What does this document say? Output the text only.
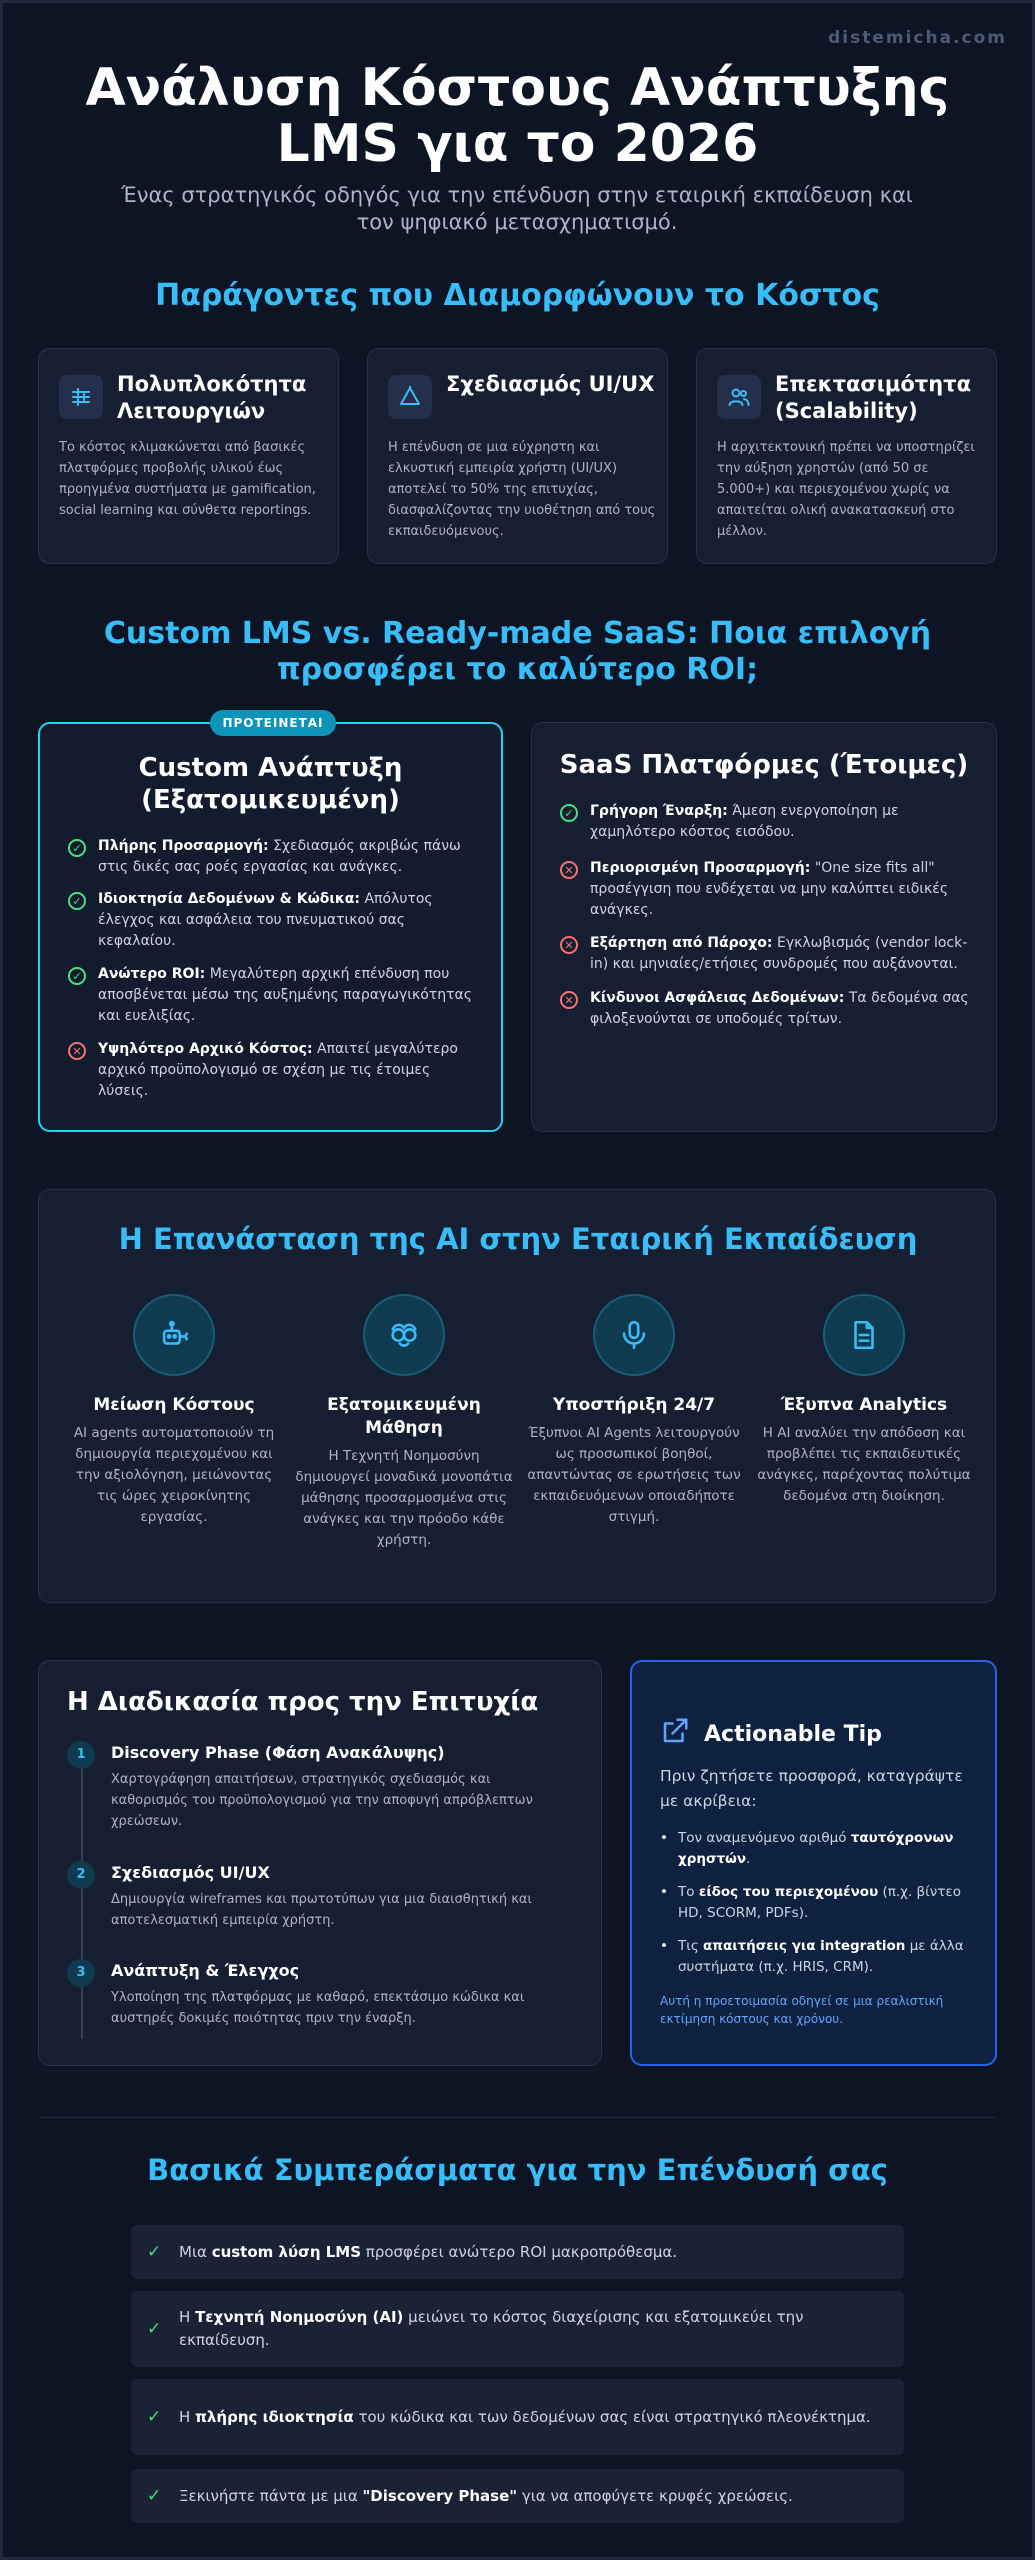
distemicha.com
Ανάλυση Κόστους Ανάπτυξης
LMS για το 2026

Ένας στρατηγικός οδηγός για την επένδυση στην εταιρική εκπαίδευση και τον ψηφιακό μετασχηματισμό.

Παράγοντες που Διαμορφώνουν το Κόστος
Πολυπλοκότητα Λειτουργιών
Το κόστος κλιμακώνεται από βασικές πλατφόρμες προβολής υλικού έως προηγμένα συστήματα με gamification, social learning και σύνθετα reportings.
Σχεδιασμός UI/UX
Η επένδυση σε μια εύχρηστη και ελκυστική εμπειρία χρήστη (UI/UX) αποτελεί το 50% της επιτυχίας, διασφαλίζοντας την υιοθέτηση από τους εκπαιδευόμενους.
Επεκτασιμότητα (Scalability)
Η αρχιτεκτονική πρέπει να υποστηρίζει την αύξηση χρηστών (από 50 σε 5.000+) και περιεχομένου χωρίς να απαιτείται ολική ανακατασκευή στο μέλλον.
Custom LMS vs. Ready-made SaaS: Ποια επιλογή
προσφέρει το καλύτερο ROI;
ΠΡΟΤΕΙΝΕΤΑΙ
Custom Ανάπτυξη
(Εξατομικευμένη)
✓	Πλήρης Προσαρμογή: Σχεδιασμός ακριβώς πάνω στις δικές σας ροές εργασίας και ανάγκες.
✓	Ιδιοκτησία Δεδομένων & Κώδικα: Απόλυτος έλεγχος και ασφάλεια του πνευματικού σας κεφαλαίου.
✓	Ανώτερο ROI: Μεγαλύτερη αρχική επένδυση που αποσβένεται μέσω της αυξημένης παραγωγικότητας και ευελιξίας.
✕	Υψηλότερο Αρχικό Κόστος: Απαιτεί μεγαλύτερο αρχικό προϋπολογισμό σε σχέση με τις έτοιμες λύσεις.
SaaS Πλατφόρμες (Έτοιμες)
✓	Γρήγορη Έναρξη: Άμεση ενεργοποίηση με χαμηλότερο κόστος εισόδου.
✕	Περιορισμένη Προσαρμογή: "One size fits all" προσέγγιση που ενδέχεται να μην καλύπτει ειδικές ανάγκες.
✕	Εξάρτηση από Πάροχο: Εγκλωβισμός (vendor lock-in) και μηνιαίες/ετήσιες συνδρομές που αυξάνονται.
✕	Κίνδυνοι Ασφάλειας Δεδομένων: Τα δεδομένα σας φιλοξενούνται σε υποδομές τρίτων.
Η Επανάσταση της AI στην Εταιρική Εκπαίδευση
Μείωση Κόστους
AI agents αυτοματοποιούν τη δημιουργία περιεχομένου και την αξιολόγηση, μειώνοντας τις ώρες χειροκίνητης εργασίας.
Εξατομικευμένη Μάθηση
Η Τεχνητή Νοημοσύνη δημιουργεί μοναδικά μονοπάτια μάθησης προσαρμοσμένα στις ανάγκες και την πρόοδο κάθε χρήστη.
Υποστήριξη 24/7
Έξυπνοι AI Agents λειτουργούν ως προσωπικοί βοηθοί, απαντώντας σε ερωτήσεις των εκπαιδευόμενων οποιαδήποτε στιγμή.
Έξυπνα Analytics
Η AI αναλύει την απόδοση και προβλέπει τις εκπαιδευτικές ανάγκες, παρέχοντας πολύτιμα δεδομένα στη διοίκηση.
Η Διαδικασία προς την Επιτυχία
1	Discovery Phase (Φάση Ανακάλυψης)
Χαρτογράφηση απαιτήσεων, στρατηγικός σχεδιασμός και καθορισμός του προϋπολογισμού για την αποφυγή απρόβλεπτων χρεώσεων.
2	Σχεδιασμός UI/UX
Δημιουργία wireframes και πρωτοτύπων για μια διαισθητική και αποτελεσματική εμπειρία χρήστη.
3	Ανάπτυξη & Έλεγχος
Υλοποίηση της πλατφόρμας με καθαρό, επεκτάσιμο κώδικα και αυστηρές δοκιμές ποιότητας πριν την έναρξη.
Actionable Tip
Πριν ζητήσετε προσφορά, καταγράψτε με ακρίβεια:
• Τον αναμενόμενο αριθμό ταυτόχρονων χρηστών.
• Το είδος του περιεχομένου (π.χ. βίντεο HD, SCORM, PDFs).
• Τις απαιτήσεις για integration με άλλα συστήματα (π.χ. HRIS, CRM).
Αυτή η προετοιμασία οδηγεί σε μια ρεαλιστική εκτίμηση κόστους και χρόνου.
Βασικά Συμπεράσματα για την Επένδυσή σας
✓ Μια custom λύση LMS προσφέρει ανώτερο ROI μακροπρόθεσμα.
✓
Η Τεχνητή Νοημοσύνη (AI) μειώνει το κόστος διαχείρισης και εξατομικεύει την εκπαίδευση.
✓ Η πλήρης ιδιοκτησία του κώδικα και των δεδομένων σας είναι στρατηγικό πλεονέκτημα.
✓ Ξεκινήστε πάντα με μια "Discovery Phase" για να αποφύγετε κρυφές χρεώσεις.
